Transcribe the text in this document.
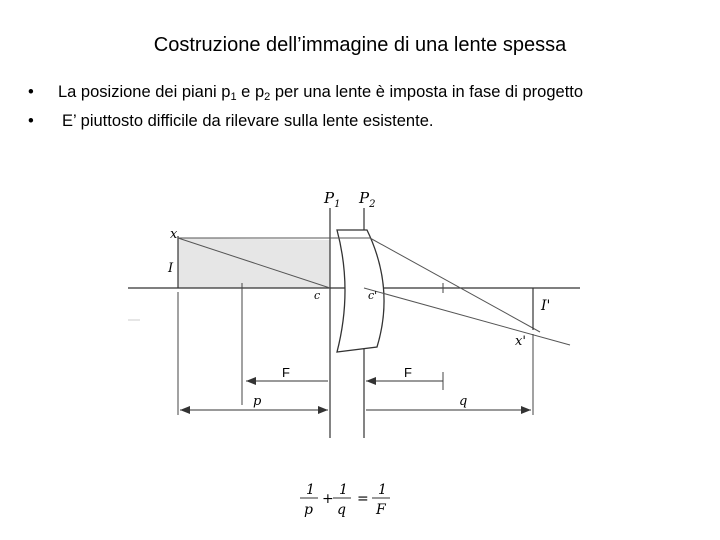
Costruzione dell’immagine di una lente spessa
• La posizione dei piani $p_1$ e $p_2$ per una lente è imposta in fase di progetto
• E’ piuttosto difficile da rilevare sulla lente esistente.
$P_1$ $P_2$
x
I
c	c'
I'
x'
F	F
p	q
1
p
+
1
q
=
1
F
